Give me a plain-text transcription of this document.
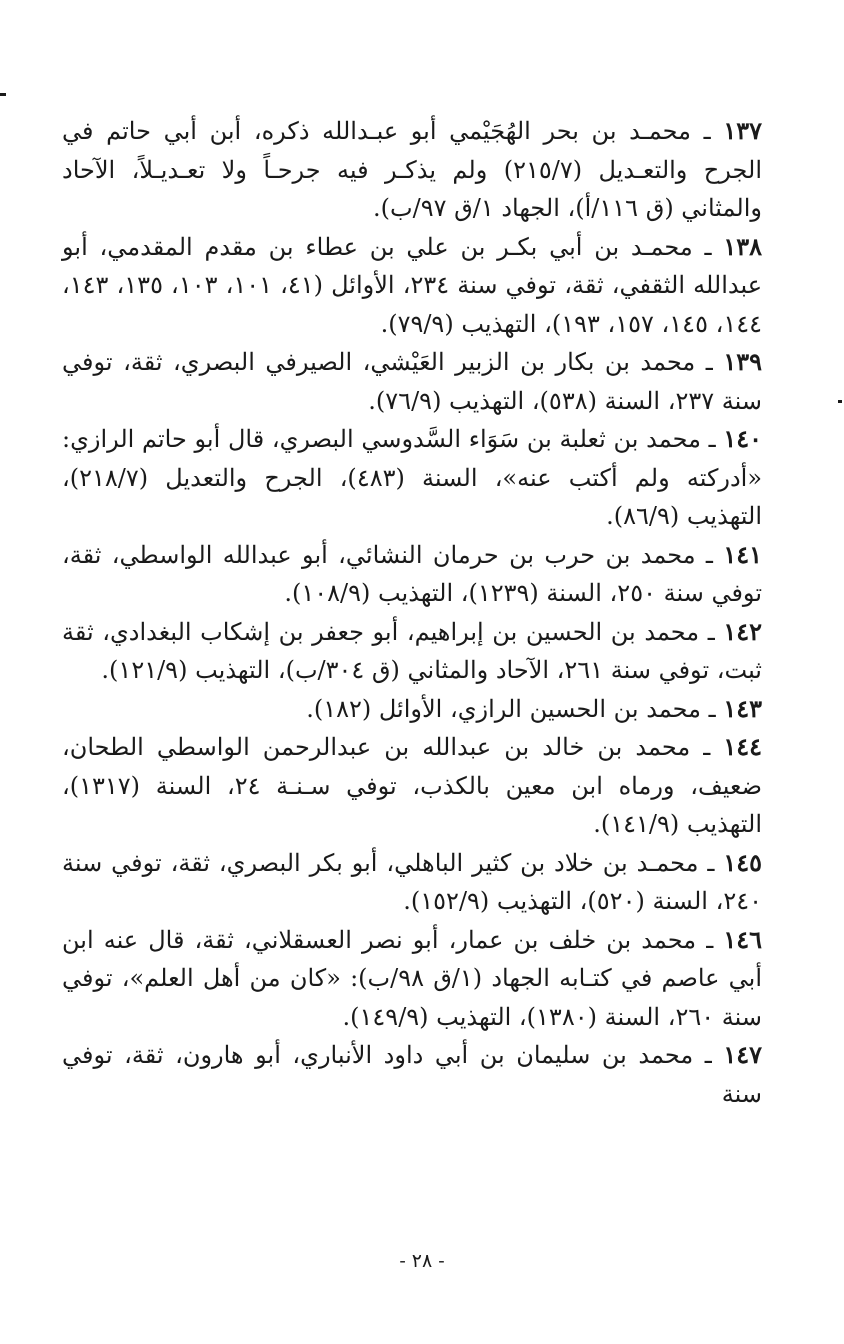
١٣٧ ـ محمـد بن بحر الهُجَيْمي أبو عبـدالله ذكره، أبن أبي حاتم في الجرح والتعـديل (٢١٥/٧) ولم يذكـر فيه جرحـاً ولا تعـديـلاً، الآحاد والمثاني (ق ١١٦/أ)، الجهاد ١/ق ٩٧/ب).

١٣٨ ـ محمـد بن أبي بكـر بن علي بن عطاء بن مقدم المقدمي، أبو عبدالله الثقفي، ثقة، توفي سنة ٢٣٤، الأوائل (٤١، ١٠١، ١٠٣، ١٣٥، ١٤٣، ١٤٤، ١٤٥، ١٥٧، ١٩٣)، التهذيب (٧٩/٩).

١٣٩ ـ محمد بن بكار بن الزبير العَيْشي، الصيرفي البصري، ثقة، توفي سنة ٢٣٧، السنة (٥٣٨)، التهذيب (٧٦/٩).

١٤٠ ـ محمد بن ثعلبة بن سَوَاء السَّدوسي البصري، قال أبو حاتم الرازي: «أدركته ولم أكتب عنه»، السنة (٤٨٣)، الجرح والتعديل (٢١٨/٧)، التهذيب (٨٦/٩).

١٤١ ـ محمد بن حرب بن حرمان النشائي، أبو عبدالله الواسطي، ثقة، توفي سنة ٢٥٠، السنة (١٢٣٩)، التهذيب (١٠٨/٩).

١٤٢ ـ محمد بن الحسين بن إبراهيم، أبو جعفر بن إشكاب البغدادي، ثقة ثبت، توفي سنة ٢٦١، الآحاد والمثاني (ق ٣٠٤/ب)، التهذيب (١٢١/٩).

١٤٣ ـ محمد بن الحسين الرازي، الأوائل (١٨٢).

١٤٤ ـ محمد بن خالد بن عبدالله بن عبدالرحمن الواسطي الطحان، ضعيف، ورماه ابن معين بالكذب، توفي سـنـة ٢٤، السنة (١٣١٧)، التهذيب (١٤١/٩).

١٤٥ ـ محمـد بن خلاد بن كثير الباهلي، أبو بكر البصري، ثقة، توفي سنة ٢٤٠، السنة (٥٢٠)، التهذيب (١٥٢/٩).

١٤٦ ـ محمد بن خلف بن عمار، أبو نصر العسقلاني، ثقة، قال عنه ابن أبي عاصم في كتـابه الجهاد (١/ق ٩٨/ب): «كان من أهل العلم»، توفي سنة ٢٦٠، السنة (١٣٨٠)، التهذيب (١٤٩/٩).

١٤٧ ـ محمد بن سليمان بن أبي داود الأنباري، أبو هارون، ثقة، توفي سنة

- ٢٨ -
